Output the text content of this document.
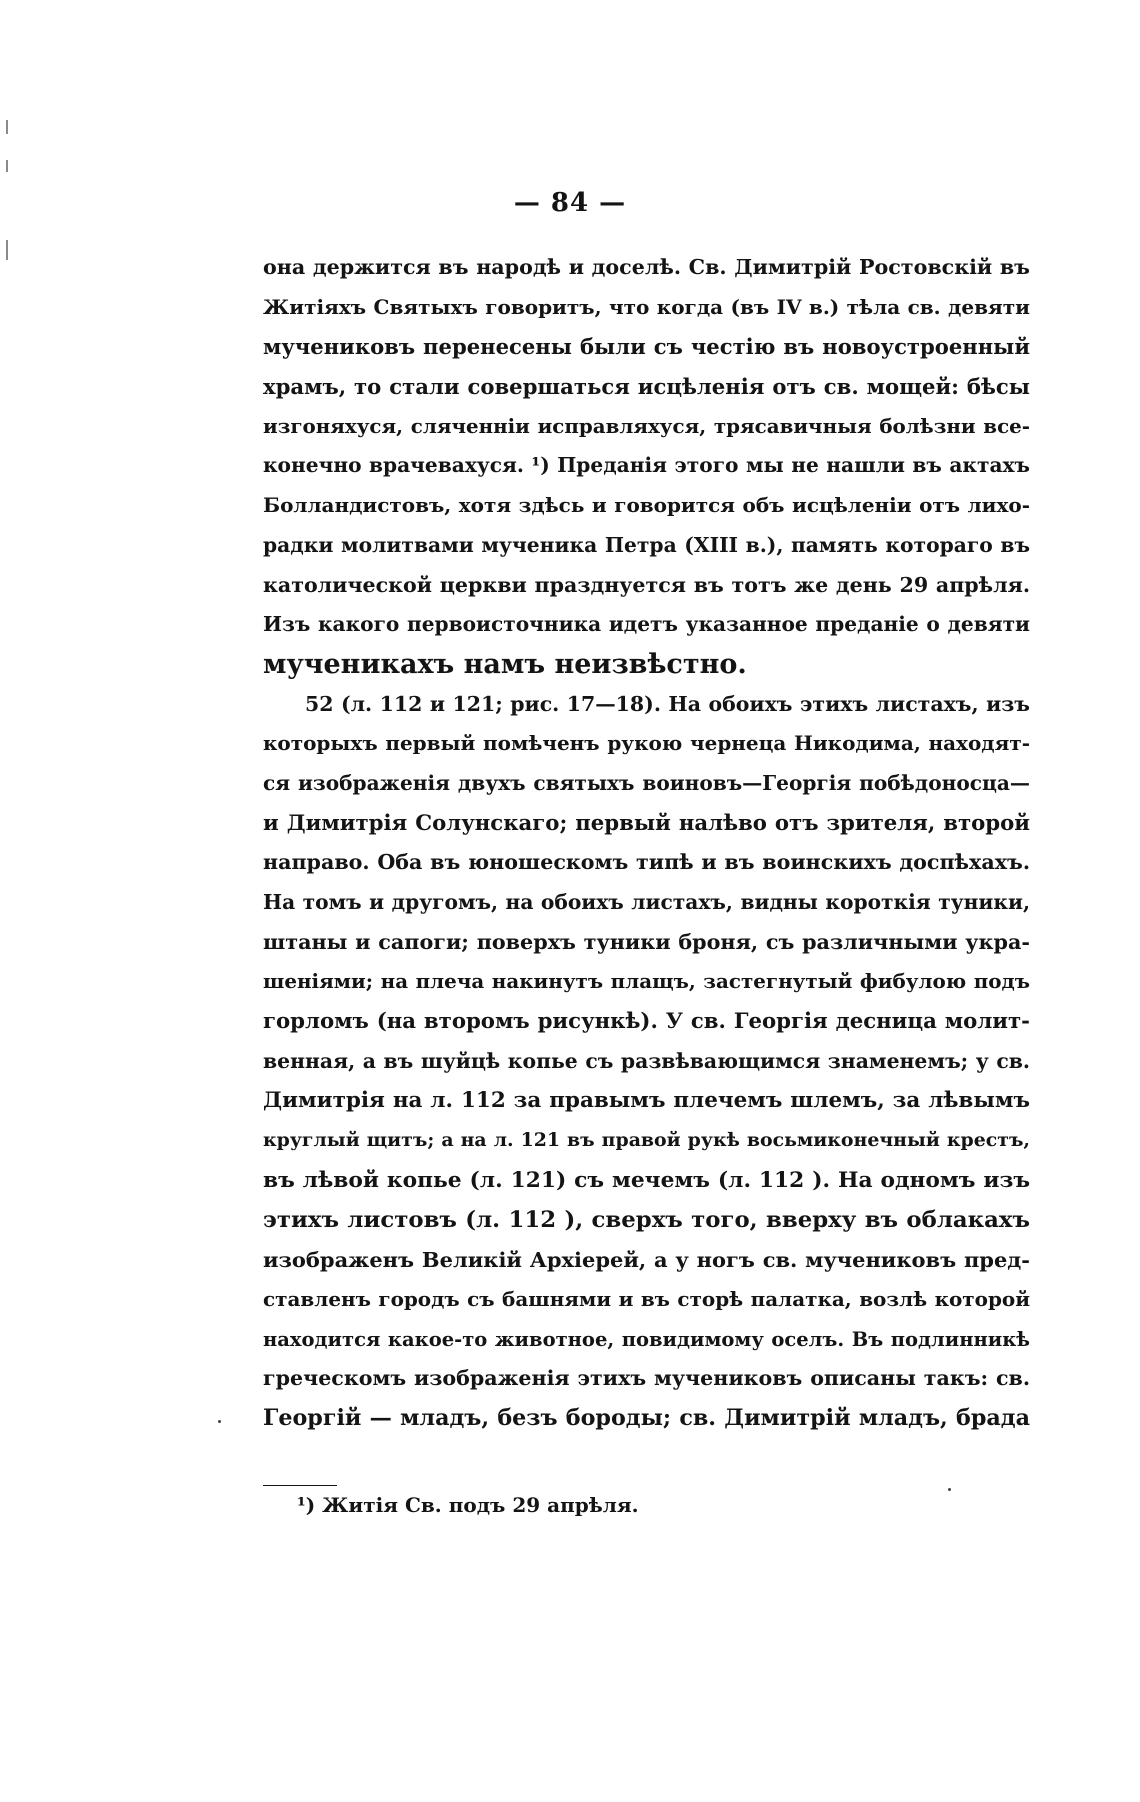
— 84 —
она держится въ народѣ и доселѣ. Св. Димитрій Ростовскій въ
Житіяхъ Святыхъ говоритъ, что когда (въ IV в.) тѣла св. девяти
мучениковъ перенесены были съ честію въ новоустроенный
храмъ, то стали совершаться исцѣленія отъ св. мощей: бѣсы
изгоняхуся, сляченніи исправляхуся, трясавичныя болѣзни все-
конечно врачевахуся. ¹) Преданія этого мы не нашли въ актахъ
Болландистовъ, хотя здѣсь и говорится объ исцѣленіи отъ лихо-
радки молитвами мученика Петра (XIII в.), память котораго въ
католической церкви празднуется въ тотъ же день 29 апрѣля.
Изъ какого первоисточника идетъ указанное преданіе о девяти
мученикахъ намъ неизвѣстно.
52 (л. 112 и 121; рис. 17—18). На обоихъ этихъ листахъ, изъ
которыхъ первый помѣченъ рукою чернеца Никодима, находят-
ся изображенія двухъ святыхъ воиновъ—Георгія побѣдоносца—
и Димитрія Солунскаго; первый налѣво отъ зрителя, второй
направо. Оба въ юношескомъ типѣ и въ воинскихъ доспѣхахъ.
На томъ и другомъ, на обоихъ листахъ, видны короткія туники,
штаны и сапоги; поверхъ туники броня, съ различными укра-
шеніями; на плеча накинутъ плащъ, застегнутый фибулою подъ
горломъ (на второмъ рисункѣ). У св. Георгія десница молит-
венная, а въ шуйцѣ копье съ развѣвающимся знаменемъ; у св.
Димитрія на л. 112 за правымъ плечемъ шлемъ, за лѣвымъ
круглый щитъ; а на л. 121 въ правой рукѣ восьмиконечный крестъ,
въ лѣвой копье (л. 121) съ мечемъ (л. 112 ). На одномъ изъ
этихъ листовъ (л. 112 ), сверхъ того, вверху въ облакахъ
изображенъ Великій Архіерей, а у ногъ св. мучениковъ пред-
ставленъ городъ съ башнями и въ сторѣ палатка, возлѣ которой
находится какое-то животное, повидимому оселъ. Въ подлинникѣ
греческомъ изображенія этихъ мучениковъ описаны такъ: св.
Георгій — младъ, безъ бороды; св. Димитрій младъ, брада
¹) Житія Св. подъ 29 апрѣля.
